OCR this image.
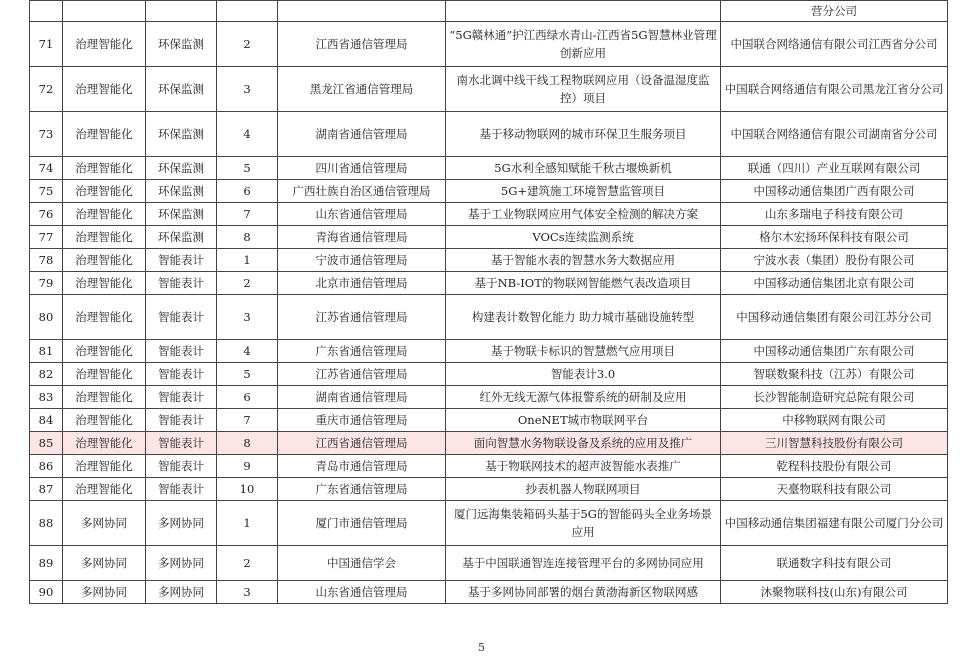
						营分公司
71	治理智能化	环保监测	2	江西省通信管理局	“5G赣林通”护江西绿水青山-江西省5G智慧林业管理创新应用	中国联合网络通信有限公司江西省分公司
72	治理智能化	环保监测	3	黑龙江省通信管理局	南水北调中线干线工程物联网应用（设备温湿度监控）项目	中国联合网络通信有限公司黑龙江省分公司
73	治理智能化	环保监测	4	湖南省通信管理局	基于移动物联网的城市环保卫生服务项目	中国联合网络通信有限公司湖南省分公司
74	治理智能化	环保监测	5	四川省通信管理局	5G水利全感知赋能千秋古堰焕新机	联通（四川）产业互联网有限公司
75	治理智能化	环保监测	6	广西壮族自治区通信管理局	5G+建筑施工环境智慧监管项目	中国移动通信集团广西有限公司
76	治理智能化	环保监测	7	山东省通信管理局	基于工业物联网应用气体安全检测的解决方案	山东多瑞电子科技有限公司
77	治理智能化	环保监测	8	青海省通信管理局	VOCs连续监测系统	格尔木宏扬环保科技有限公司
78	治理智能化	智能表计	1	宁波市通信管理局	基于智能水表的智慧水务大数据应用	宁波水表（集团）股份有限公司
79	治理智能化	智能表计	2	北京市通信管理局	基于NB-IOT的物联网智能燃气表改造项目	中国移动通信集团北京有限公司
80	治理智能化	智能表计	3	江苏省通信管理局	构建表计数智化能力 助力城市基础设施转型	中国移动通信集团有限公司江苏分公司
81	治理智能化	智能表计	4	广东省通信管理局	基于物联卡标识的智慧燃气应用项目	中国移动通信集团广东有限公司
82	治理智能化	智能表计	5	江苏省通信管理局	智能表计3.0	智联数聚科技（江苏）有限公司
83	治理智能化	智能表计	6	湖南省通信管理局	红外无线无源气体报警系统的研制及应用	长沙智能制造研究总院有限公司
84	治理智能化	智能表计	7	重庆市通信管理局	OneNET城市物联网平台	中移物联网有限公司
85	治理智能化	智能表计	8	江西省通信管理局	面向智慧水务物联设备及系统的应用及推广	三川智慧科技股份有限公司
86	治理智能化	智能表计	9	青岛市通信管理局	基于物联网技术的超声波智能水表推广	乾程科技股份有限公司
87	治理智能化	智能表计	10	广东省通信管理局	抄表机器人物联网项目	天臺物联科技有限公司
88	多网协同	多网协同	1	厦门市通信管理局	厦门远海集装箱码头基于5G的智能码头全业务场景应用	中国移动通信集团福建有限公司厦门分公司
89	多网协同	多网协同	2	中国通信学会	基于中国联通智连连接管理平台的多网协同应用	联通数字科技有限公司
90	多网协同	多网协同	3	山东省通信管理局	基于多网协同部署的烟台黄渤海新区物联网感	沐聚物联科技(山东)有限公司
5
